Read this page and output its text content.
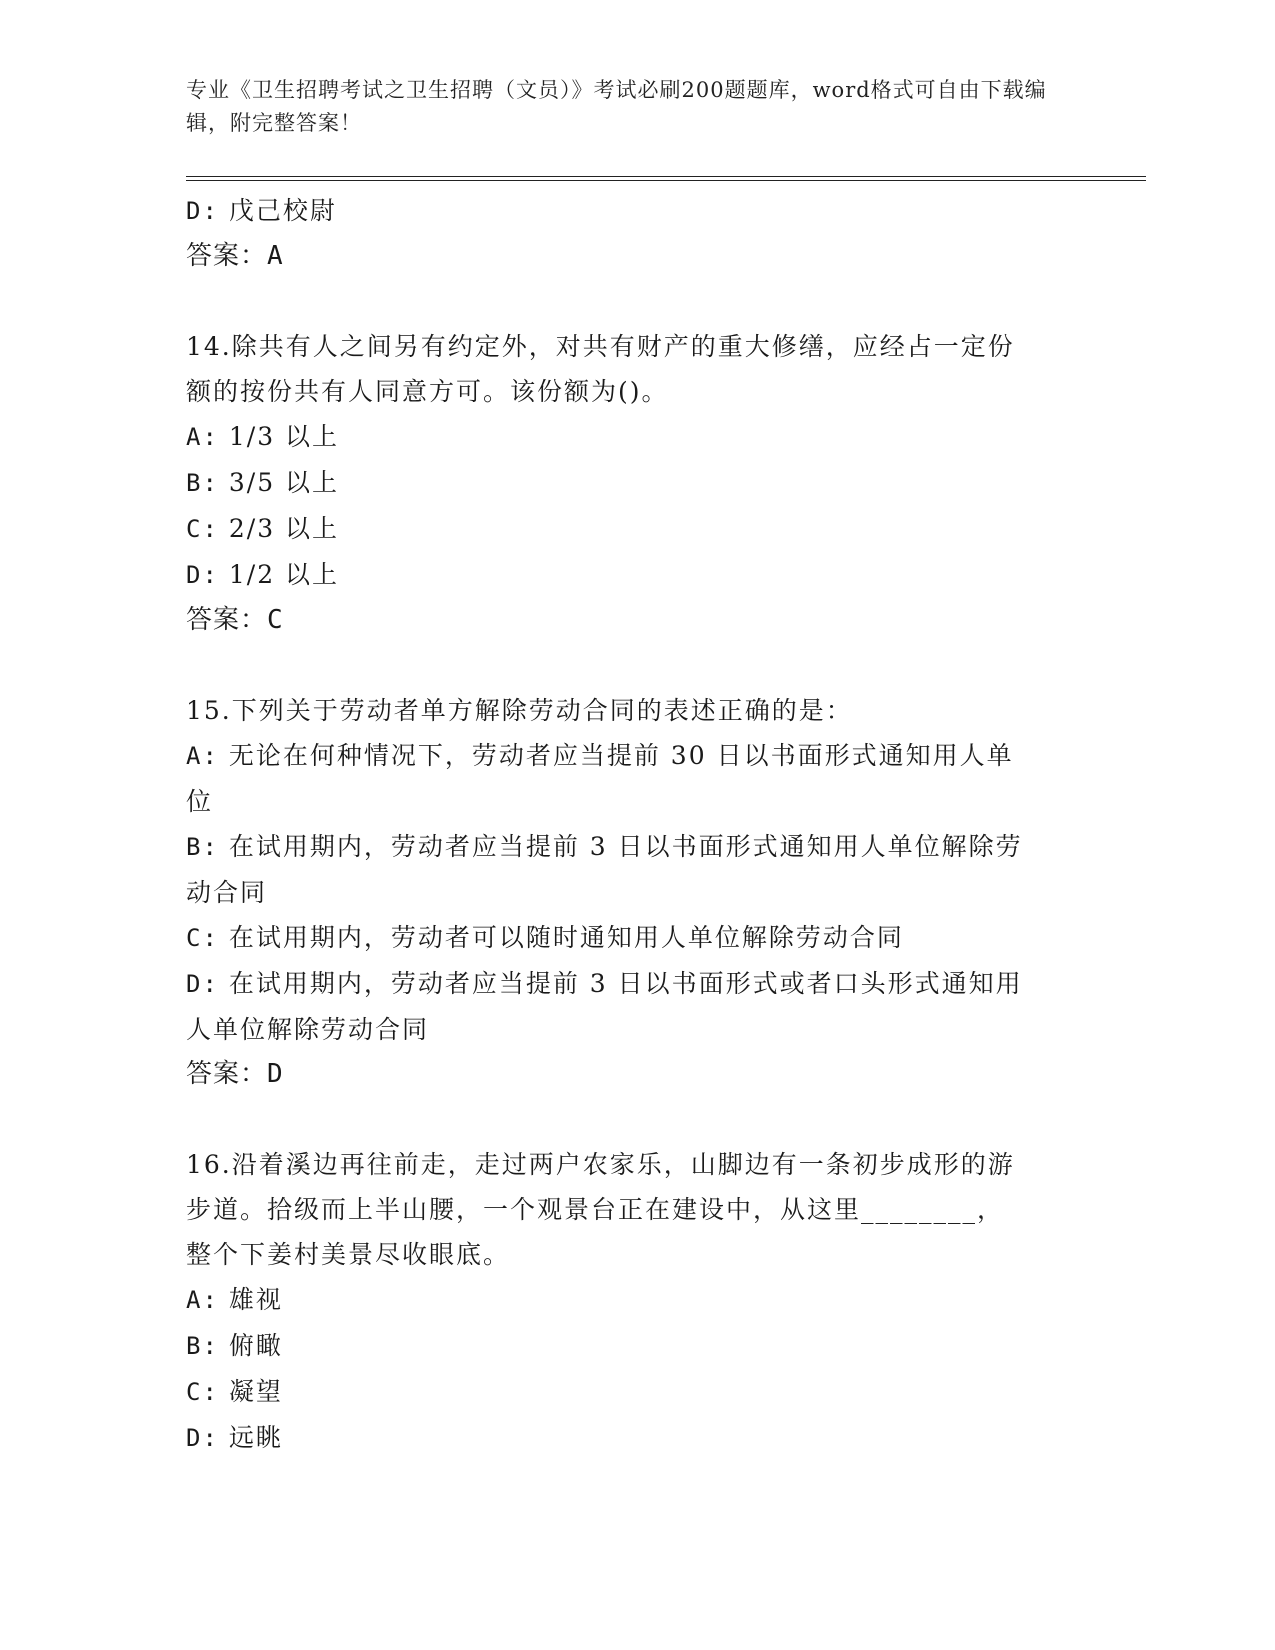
专业《卫生招聘考试之卫生招聘（文员）》考试必刷200题题库，word格式可自由下载编辑，附完整答案！
D: 戊己校尉
答案：A
14.除共有人之间另有约定外，对共有财产的重大修缮，应经占一定份
额的按份共有人同意方可。该份额为()。
A: 1/3 以上
B: 3/5 以上
C: 2/3 以上
D: 1/2 以上
答案：C
15.下列关于劳动者单方解除劳动合同的表述正确的是：
A: 无论在何种情况下，劳动者应当提前 30 日以书面形式通知用人单
位
B: 在试用期内，劳动者应当提前 3 日以书面形式通知用人单位解除劳
动合同
C: 在试用期内，劳动者可以随时通知用人单位解除劳动合同
D: 在试用期内，劳动者应当提前 3 日以书面形式或者口头形式通知用
人单位解除劳动合同
答案：D
16.沿着溪边再往前走，走过两户农家乐，山脚边有一条初步成形的游
步道。拾级而上半山腰，一个观景台正在建设中，从这里________，
整个下姜村美景尽收眼底。
A: 雄视
B: 俯瞰
C: 凝望
D: 远眺
